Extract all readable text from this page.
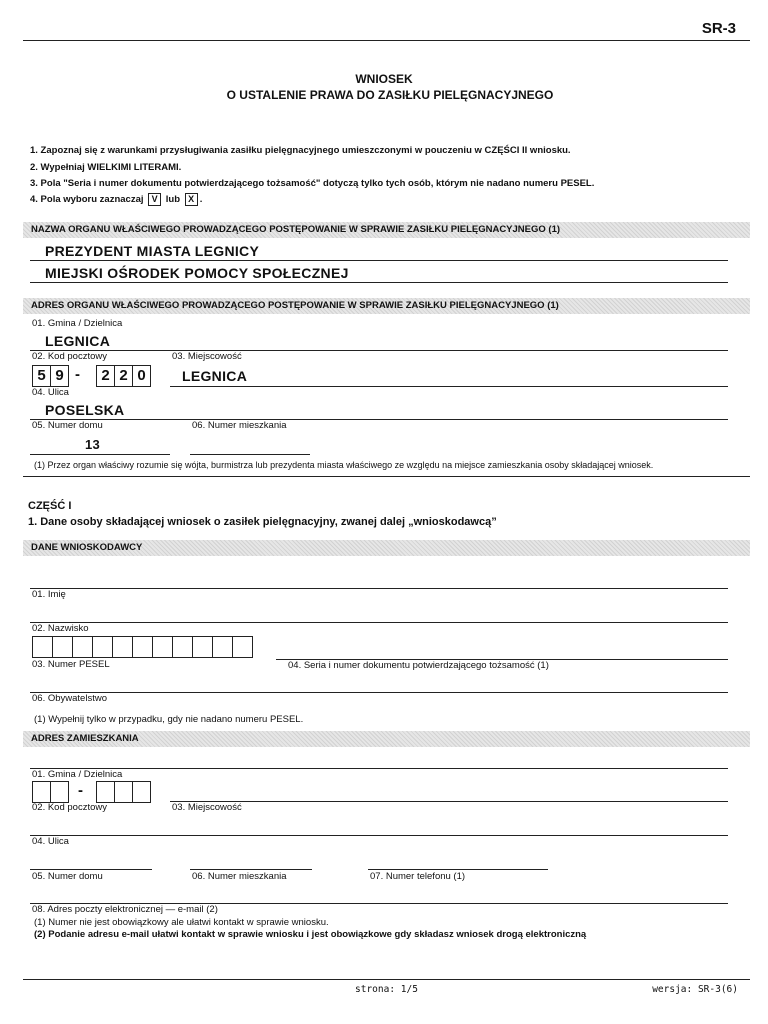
SR-3
WNIOSEK
O USTALENIE PRAWA DO ZASIŁKU PIELĘGNACYJNEGO
1. Zapoznaj się z warunkami przysługiwania zasiłku pielęgnacyjnego umieszczonymi w pouczeniu w CZĘŚCI II wniosku.
2. Wypełniaj WIELKIMI LITERAMI.
3. Pola "Seria i numer dokumentu potwierdzającego tożsamość" dotyczą tylko tych osób, którym nie nadano numeru PESEL.
4. Pola wyboru zaznaczaj V lub X .
NAZWA ORGANU WŁAŚCIWEGO PROWADZĄCEGO POSTĘPOWANIE W SPRAWIE ZASIŁKU PIELĘGNACYJNEGO (1)
PREZYDENT MIASTA LEGNICY
MIEJSKI OŚRODEK POMOCY SPOŁECZNEJ
ADRES ORGANU WŁAŚCIWEGO PROWADZĄCEGO POSTĘPOWANIE W SPRAWIE ZASIŁKU PIELĘGNACYJNEGO (1)
01. Gmina / Dzielnica
LEGNICA
02. Kod pocztowy	03. Miejscowość
5 9 -	2 2 0	LEGNICA
04. Ulica
POSELSKA
05. Numer domu	06. Numer mieszkania
13
(1) Przez organ właściwy rozumie się wójta, burmistrza lub prezydenta miasta właściwego ze względu na miejsce zamieszkania osoby składającej wniosek.
CZĘŚĆ I
1. Dane osoby składającej wniosek o zasiłek pielęgnacyjny, zwanej dalej „wnioskodawcą”
DANE WNIOSKODAWCY
01. Imię
02. Nazwisko
03. Numer PESEL	04. Seria i numer dokumentu potwierdzającego tożsamość (1)
06. Obywatelstwo
(1) Wypełnij tylko w przypadku, gdy nie nadano numeru PESEL.
ADRES ZAMIESZKANIA
01. Gmina / Dzielnica
-
02. Kod pocztowy	03. Miejscowość
04. Ulica
05. Numer domu	06. Numer mieszkania	07. Numer telefonu (1)
08. Adres poczty elektronicznej — e-mail (2)
(1) Numer nie jest obowiązkowy ale ułatwi kontakt w sprawie wniosku.
(2) Podanie adresu e-mail ułatwi kontakt w sprawie wniosku i jest obowiązkowe gdy składasz wniosek drogą elektroniczną
strona: 1/5	wersja: SR-3(6)
